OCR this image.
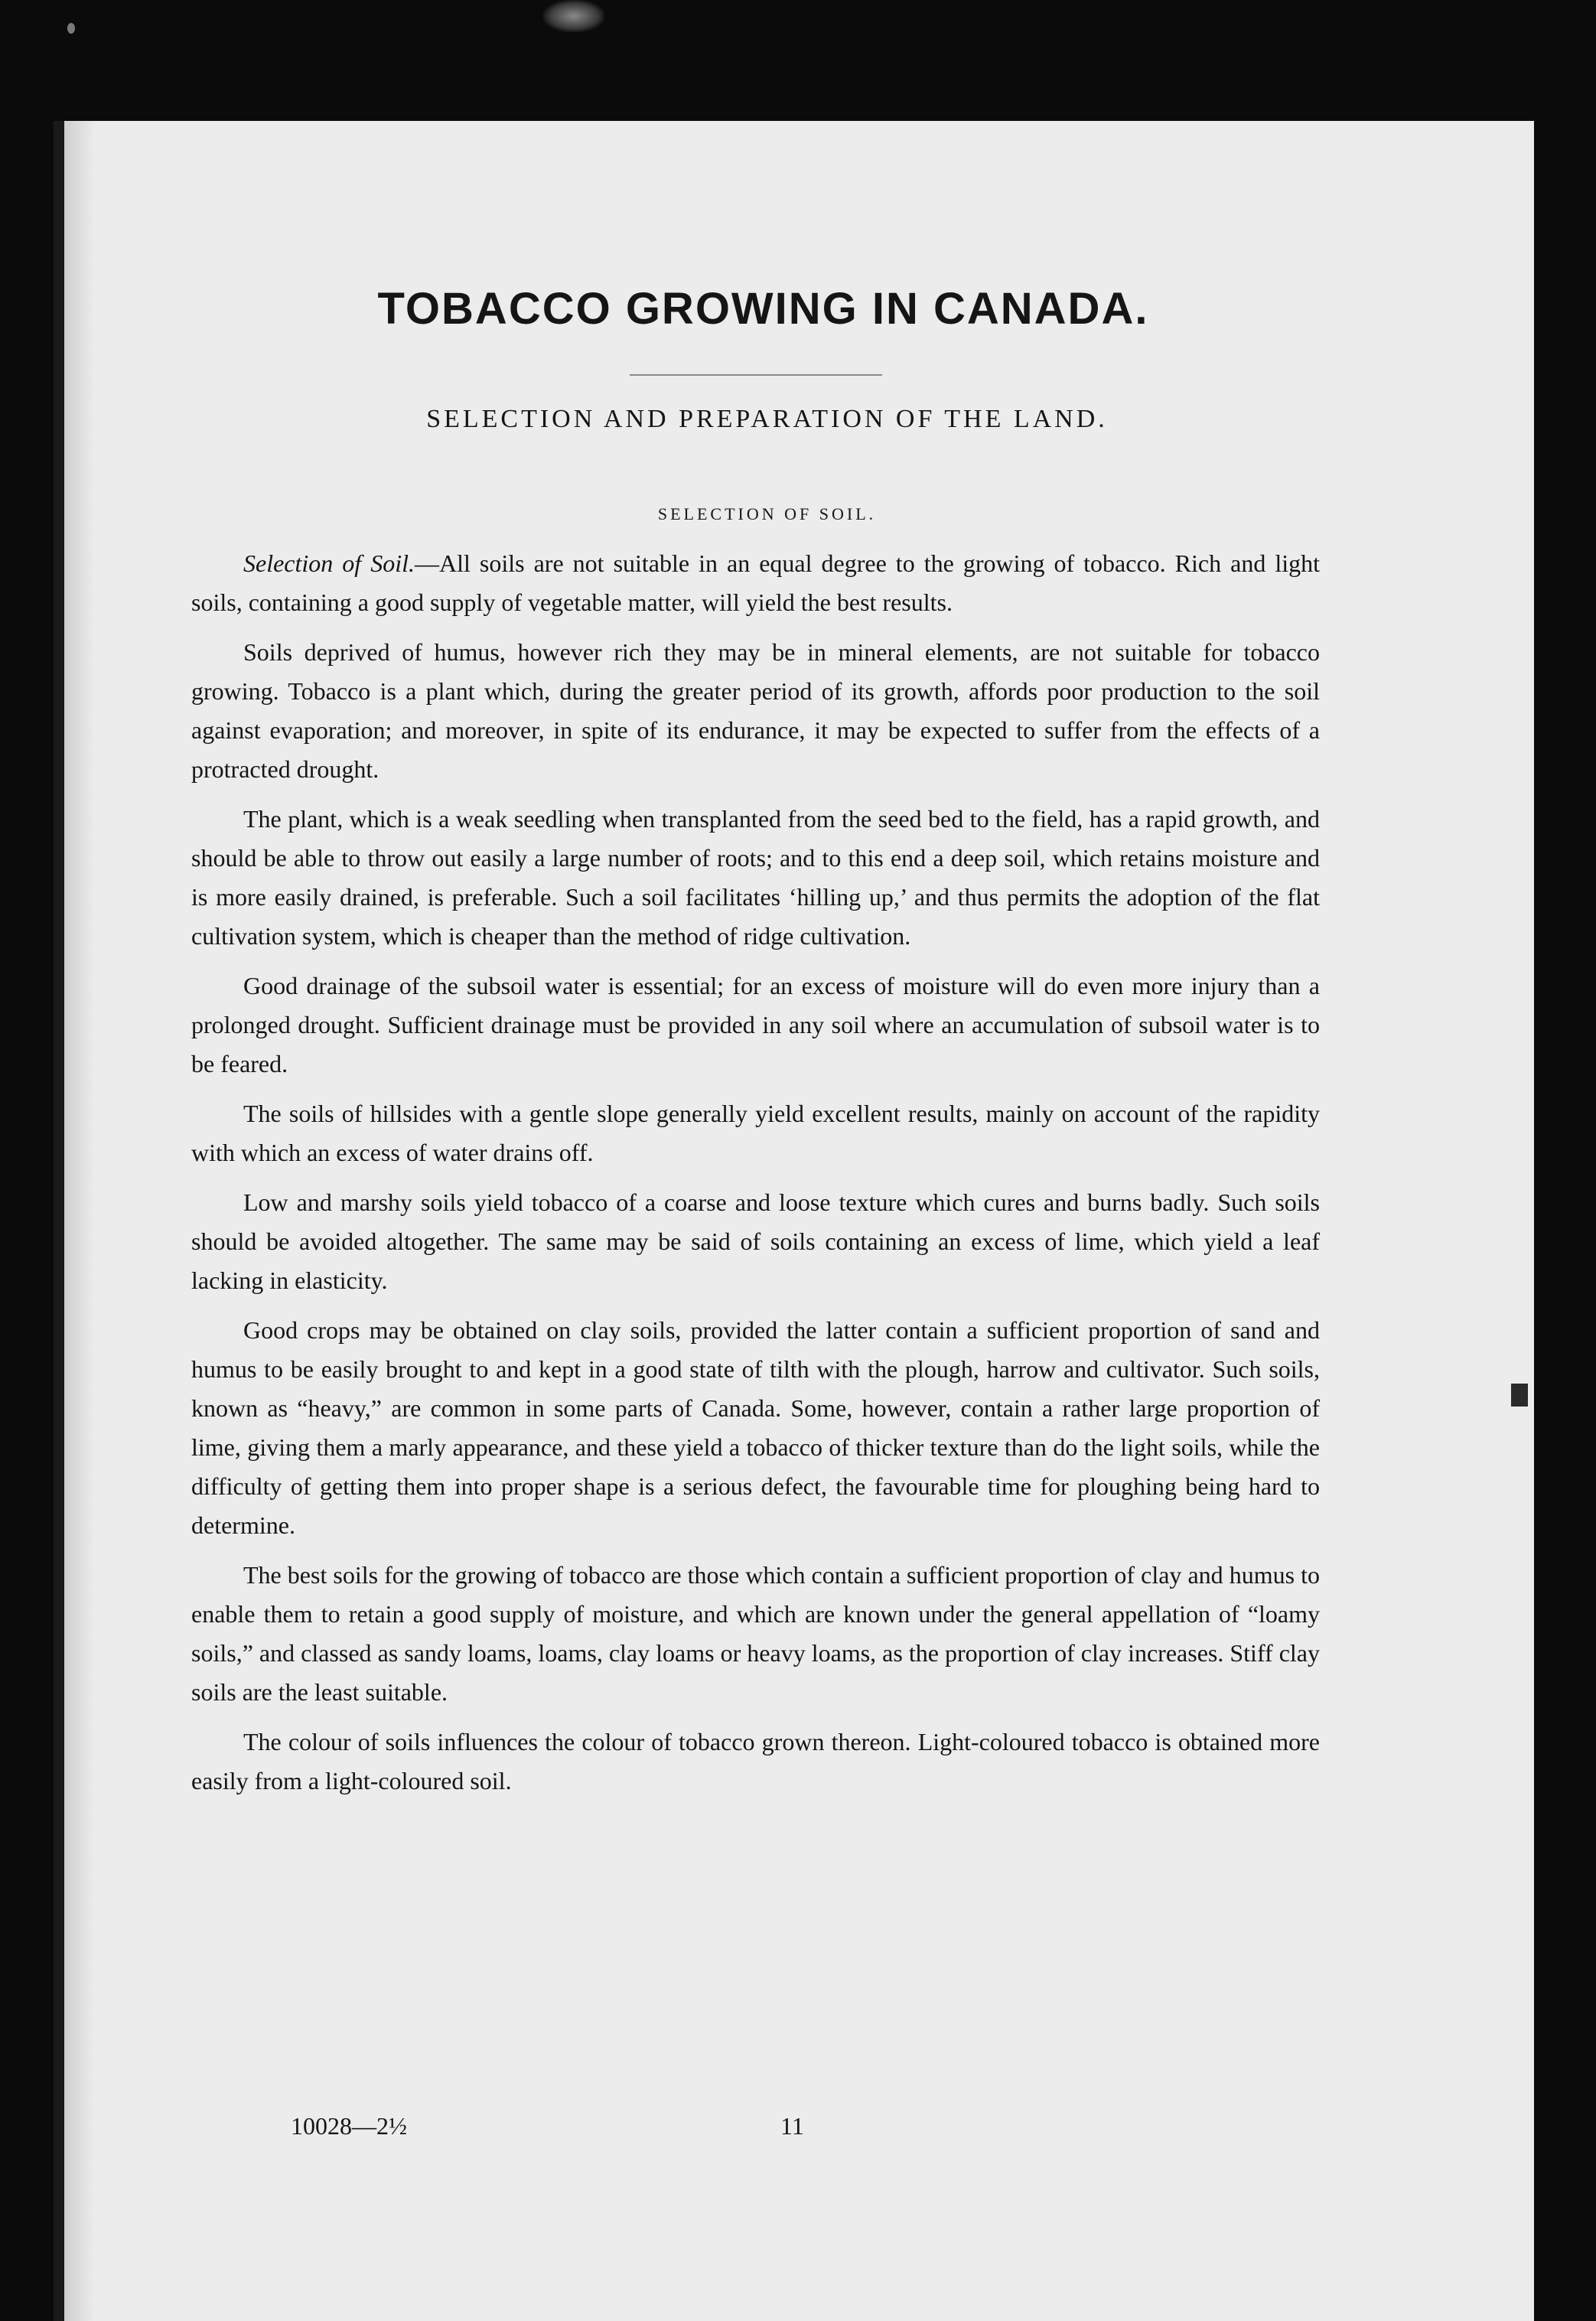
TOBACCO GROWING IN CANADA.
SELECTION AND PREPARATION OF THE LAND.
SELECTION OF SOIL.

Selection of Soil.—All soils are not suitable in an equal degree to the growing of tobacco. Rich and light soils, containing a good supply of vegetable matter, will yield the best results.

Soils deprived of humus, however rich they may be in mineral elements, are not suitable for tobacco growing. Tobacco is a plant which, during the greater period of its growth, affords poor production to the soil against evaporation; and moreover, in spite of its endurance, it may be expected to suffer from the effects of a protracted drought.

The plant, which is a weak seedling when transplanted from the seed bed to the field, has a rapid growth, and should be able to throw out easily a large number of roots; and to this end a deep soil, which retains moisture and is more easily drained, is preferable. Such a soil facilitates ‘hilling up,’ and thus permits the adoption of the flat cultivation system, which is cheaper than the method of ridge cultivation.

Good drainage of the subsoil water is essential; for an excess of moisture will do even more injury than a prolonged drought. Sufficient drainage must be provided in any soil where an accumulation of subsoil water is to be feared.

The soils of hillsides with a gentle slope generally yield excellent results, mainly on account of the rapidity with which an excess of water drains off.

Low and marshy soils yield tobacco of a coarse and loose texture which cures and burns badly. Such soils should be avoided altogether. The same may be said of soils containing an excess of lime, which yield a leaf lacking in elasticity.

Good crops may be obtained on clay soils, provided the latter contain a sufficient proportion of sand and humus to be easily brought to and kept in a good state of tilth with the plough, harrow and cultivator. Such soils, known as “heavy,” are common in some parts of Canada. Some, however, contain a rather large proportion of lime, giving them a marly appearance, and these yield a tobacco of thicker texture than do the light soils, while the difficulty of getting them into proper shape is a serious defect, the favourable time for ploughing being hard to determine.

The best soils for the growing of tobacco are those which contain a sufficient proportion of clay and humus to enable them to retain a good supply of moisture, and which are known under the general appellation of “loamy soils,” and classed as sandy loams, loams, clay loams or heavy loams, as the proportion of clay increases. Stiff clay soils are the least suitable.

The colour of soils influences the colour of tobacco grown thereon. Light-coloured tobacco is obtained more easily from a light-coloured soil.

10028—2½	11
